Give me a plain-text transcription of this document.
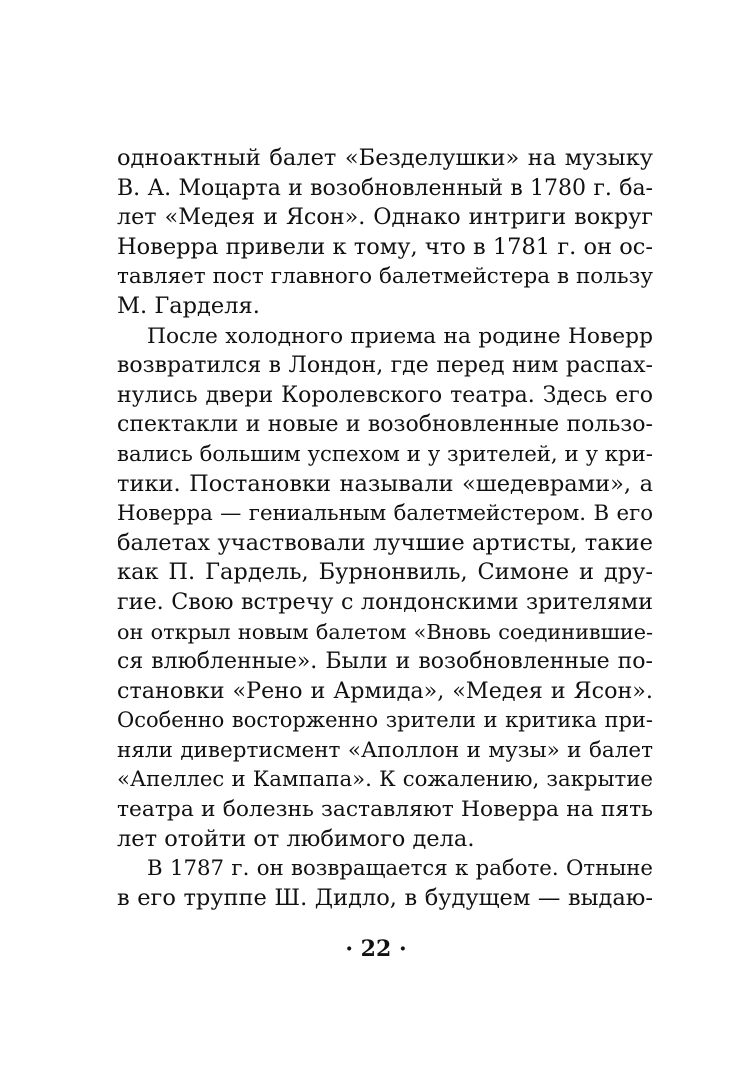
одноактный балет «Безделушки» на музыку
В. А. Моцарта и возобновленный в 1780 г. ба-
лет «Медея и Ясон». Однако интриги вокруг
Новерра привели к тому, что в 1781 г. он ос-
тавляет пост главного балетмейстера в пользу
М. Гарделя.
После холодного приема на родине Новерр
возвратился в Лондон, где перед ним распах-
нулись двери Королевского театра. Здесь его
спектакли и новые и возобновленные пользо-
вались большим успехом и у зрителей, и у кри-
тики. Постановки называли «шедеврами», а
Новерра — гениальным балетмейстером. В его
балетах участвовали лучшие артисты, такие
как П. Гардель, Бурнонвиль, Симоне и дру-
гие. Свою встречу с лондонскими зрителями
он открыл новым балетом «Вновь соединившие-
ся влюбленные». Были и возобновленные по-
становки «Рено и Армида», «Медея и Ясон».
Особенно восторженно зрители и критика при-
няли дивертисмент «Аполлон и музы» и балет
«Апеллес и Кампапа». К сожалению, закрытие
театра и болезнь заставляют Новерра на пять
лет отойти от любимого дела.
В 1787 г. он возвращается к работе. Отныне
в его труппе Ш. Дидло, в будущем — выдаю-
· 22 ·
